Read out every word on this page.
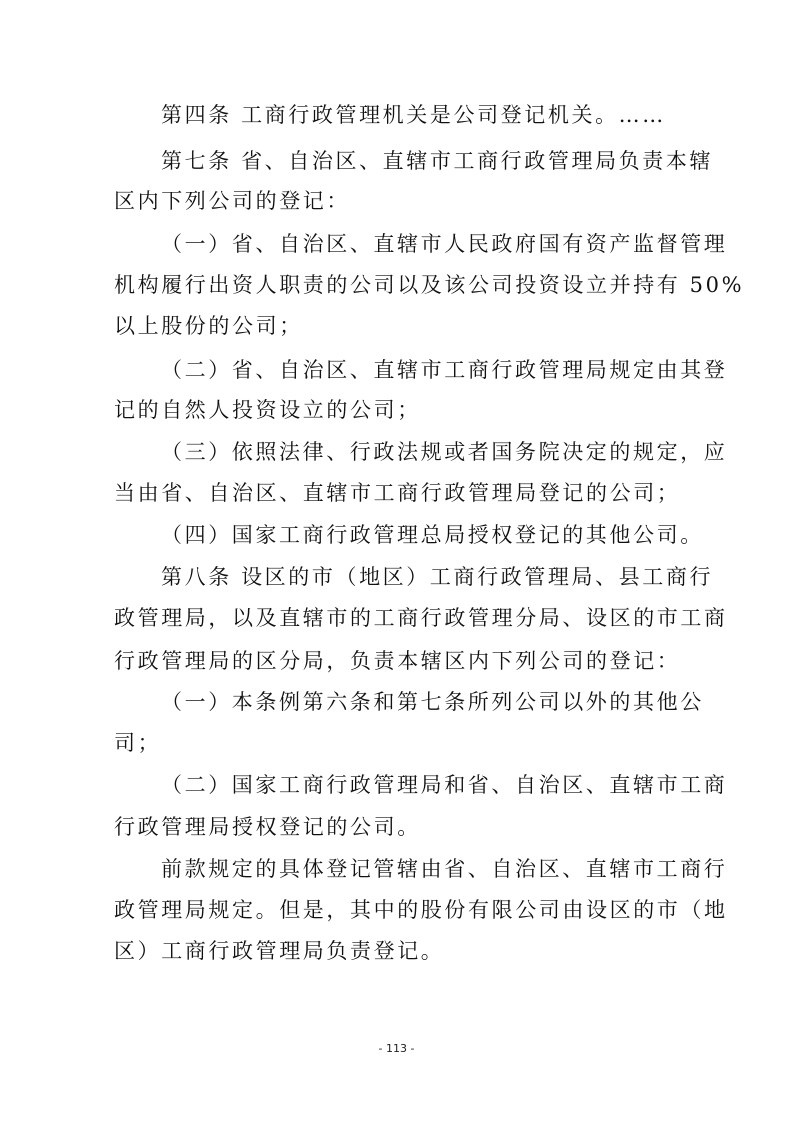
第四条 工商行政管理机关是公司登记机关。……
第七条 省、自治区、直辖市工商行政管理局负责本辖
区内下列公司的登记：
（一）省、自治区、直辖市人民政府国有资产监督管理
机构履行出资人职责的公司以及该公司投资设立并持有 50%
以上股份的公司；
（二）省、自治区、直辖市工商行政管理局规定由其登
记的自然人投资设立的公司；
（三）依照法律、行政法规或者国务院决定的规定，应
当由省、自治区、直辖市工商行政管理局登记的公司；
（四）国家工商行政管理总局授权登记的其他公司。
第八条 设区的市（地区）工商行政管理局、县工商行
政管理局，以及直辖市的工商行政管理分局、设区的市工商
行政管理局的区分局，负责本辖区内下列公司的登记：
（一）本条例第六条和第七条所列公司以外的其他公
司；
（二）国家工商行政管理局和省、自治区、直辖市工商
行政管理局授权登记的公司。
前款规定的具体登记管辖由省、自治区、直辖市工商行
政管理局规定。但是，其中的股份有限公司由设区的市（地
区）工商行政管理局负责登记。
- 113 -
